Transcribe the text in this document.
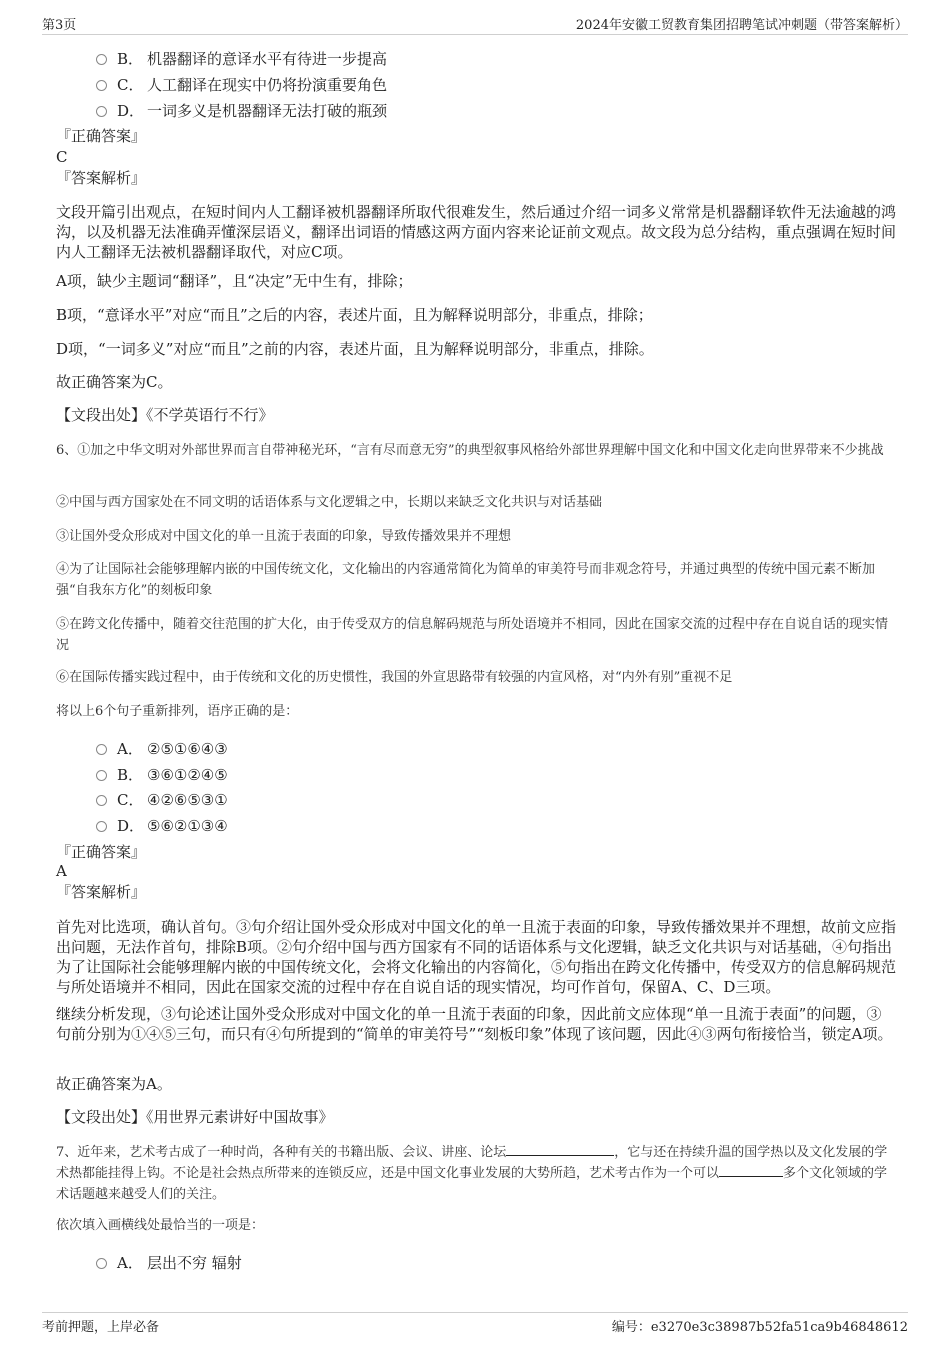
第3页	2024年安徽工贸教育集团招聘笔试冲刺题（带答案解析）
B． 机器翻译的意译水平有待进一步提高
C． 人工翻译在现实中仍将扮演重要角色
D． 一词多义是机器翻译无法打破的瓶颈
『正确答案』
C
『答案解析』
文段开篇引出观点，在短时间内人工翻译被机器翻译所取代很难发生，然后通过介绍一词多义常常是机器翻译软件无法逾越的鸿沟，以及机器无法准确弄懂深层语义，翻译出词语的情感这两方面内容来论证前文观点。故文段为总分结构，重点强调在短时间内人工翻译无法被机器翻译取代，对应C项。
A项，缺少主题词“翻译”，且“决定”无中生有，排除；
B项，“意译水平”对应“而且”之后的内容，表述片面，且为解释说明部分，非重点，排除；
D项，“一词多义”对应“而且”之前的内容，表述片面，且为解释说明部分，非重点，排除。
故正确答案为C。
【文段出处】《不学英语行不行》
6、①加之中华文明对外部世界而言自带神秘光环，“言有尽而意无穷”的典型叙事风格给外部世界理解中国文化和中国文化走向世界带来不少挑战
②中国与西方国家处在不同文明的话语体系与文化逻辑之中，长期以来缺乏文化共识与对话基础
③让国外受众形成对中国文化的单一且流于表面的印象，导致传播效果并不理想
④为了让国际社会能够理解内嵌的中国传统文化，文化输出的内容通常简化为简单的审美符号而非观念符号，并通过典型的传统中国元素不断加强“自我东方化”的刻板印象
⑤在跨文化传播中，随着交往范围的扩大化，由于传受双方的信息解码规范与所处语境并不相同，因此在国家交流的过程中存在自说自话的现实情况
⑥在国际传播实践过程中，由于传统和文化的历史惯性，我国的外宣思路带有较强的内宣风格，对“内外有别”重视不足
将以上6个句子重新排列，语序正确的是：
A． ②⑤①⑥④③
B． ③⑥①②④⑤
C． ④②⑥⑤③①
D． ⑤⑥②①③④
『正确答案』
A
『答案解析』
首先对比选项，确认首句。③句介绍让国外受众形成对中国文化的单一且流于表面的印象，导致传播效果并不理想，故前文应指出问题，无法作首句，排除B项。②句介绍中国与西方国家有不同的话语体系与文化逻辑，缺乏文化共识与对话基础，④句指出为了让国际社会能够理解内嵌的中国传统文化，会将文化输出的内容简化，⑤句指出在跨文化传播中，传受双方的信息解码规范与所处语境并不相同，因此在国家交流的过程中存在自说自话的现实情况，均可作首句，保留A、C、D三项。
继续分析发现，③句论述让国外受众形成对中国文化的单一且流于表面的印象，因此前文应体现“单一且流于表面”的问题，③句前分别为①④⑤三句，而只有④句所提到的“简单的审美符号”“刻板印象”体现了该问题，因此④③两句衔接恰当，锁定A项。
故正确答案为A。
【文段出处】《用世界元素讲好中国故事》
7、近年来，艺术考古成了一种时尚，各种有关的书籍出版、会议、讲座、论坛	，它与还在持续升温的国学热以及文化发展的学术热都能挂得上钩。不论是社会热点所带来的连锁反应，还是中国文化事业发展的大势所趋，艺术考古作为一个可以	多个文化领域的学术话题越来越受人们的关注。
依次填入画横线处最恰当的一项是：
A． 层出不穷 辐射
考前押题，上岸必备	编号：e3270e3c38987b52fa51ca9b46848612
